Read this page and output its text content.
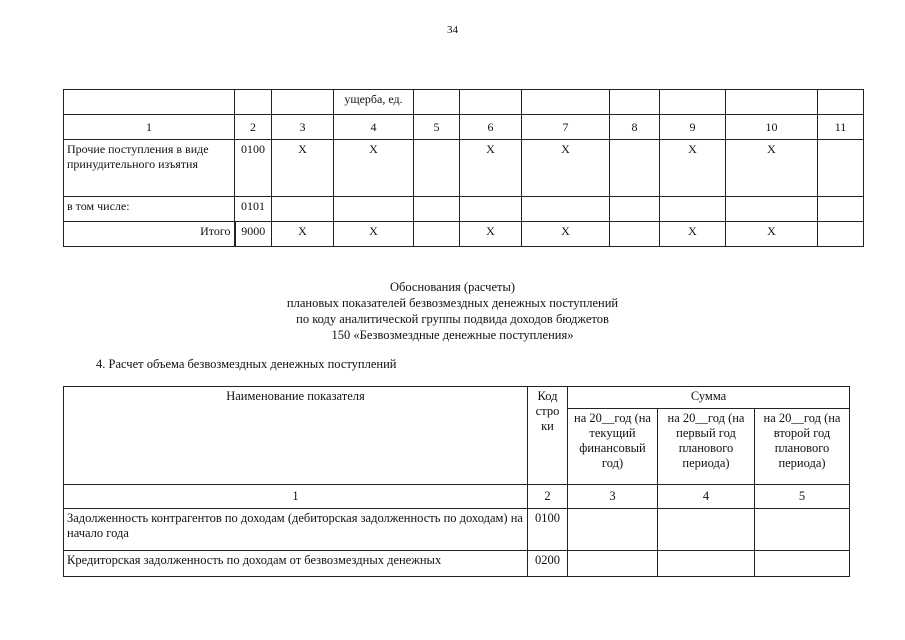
34
			ущерба, ед.							
1	2	3	4	5	6	7	8	9	10	11
Прочие поступления в виде принудительного изъятия	0100	X	X		X	X		X	X	
в том числе:	0101									
Итого	9000	X	X		X	X		X	X	
Обоснования (расчеты)
плановых показателей безвозмездных денежных поступлений
по коду аналитической группы подвида доходов бюджетов
150 «Безвозмездные денежные поступления»
4. Расчет объема безвозмездных денежных поступлений
Наименование показателя	Код стро ки	Сумма		
		на 20__год (на текущий финансовый год)	на 20__год (на первый год планового периода)	на 20__год (на второй год планового периода)
1	2	3	4	5
Задолженность контрагентов по доходам (дебиторская задолженность по доходам) на начало года	0100			
Кредиторская задолженность по доходам от безвозмездных денежных	0200			
